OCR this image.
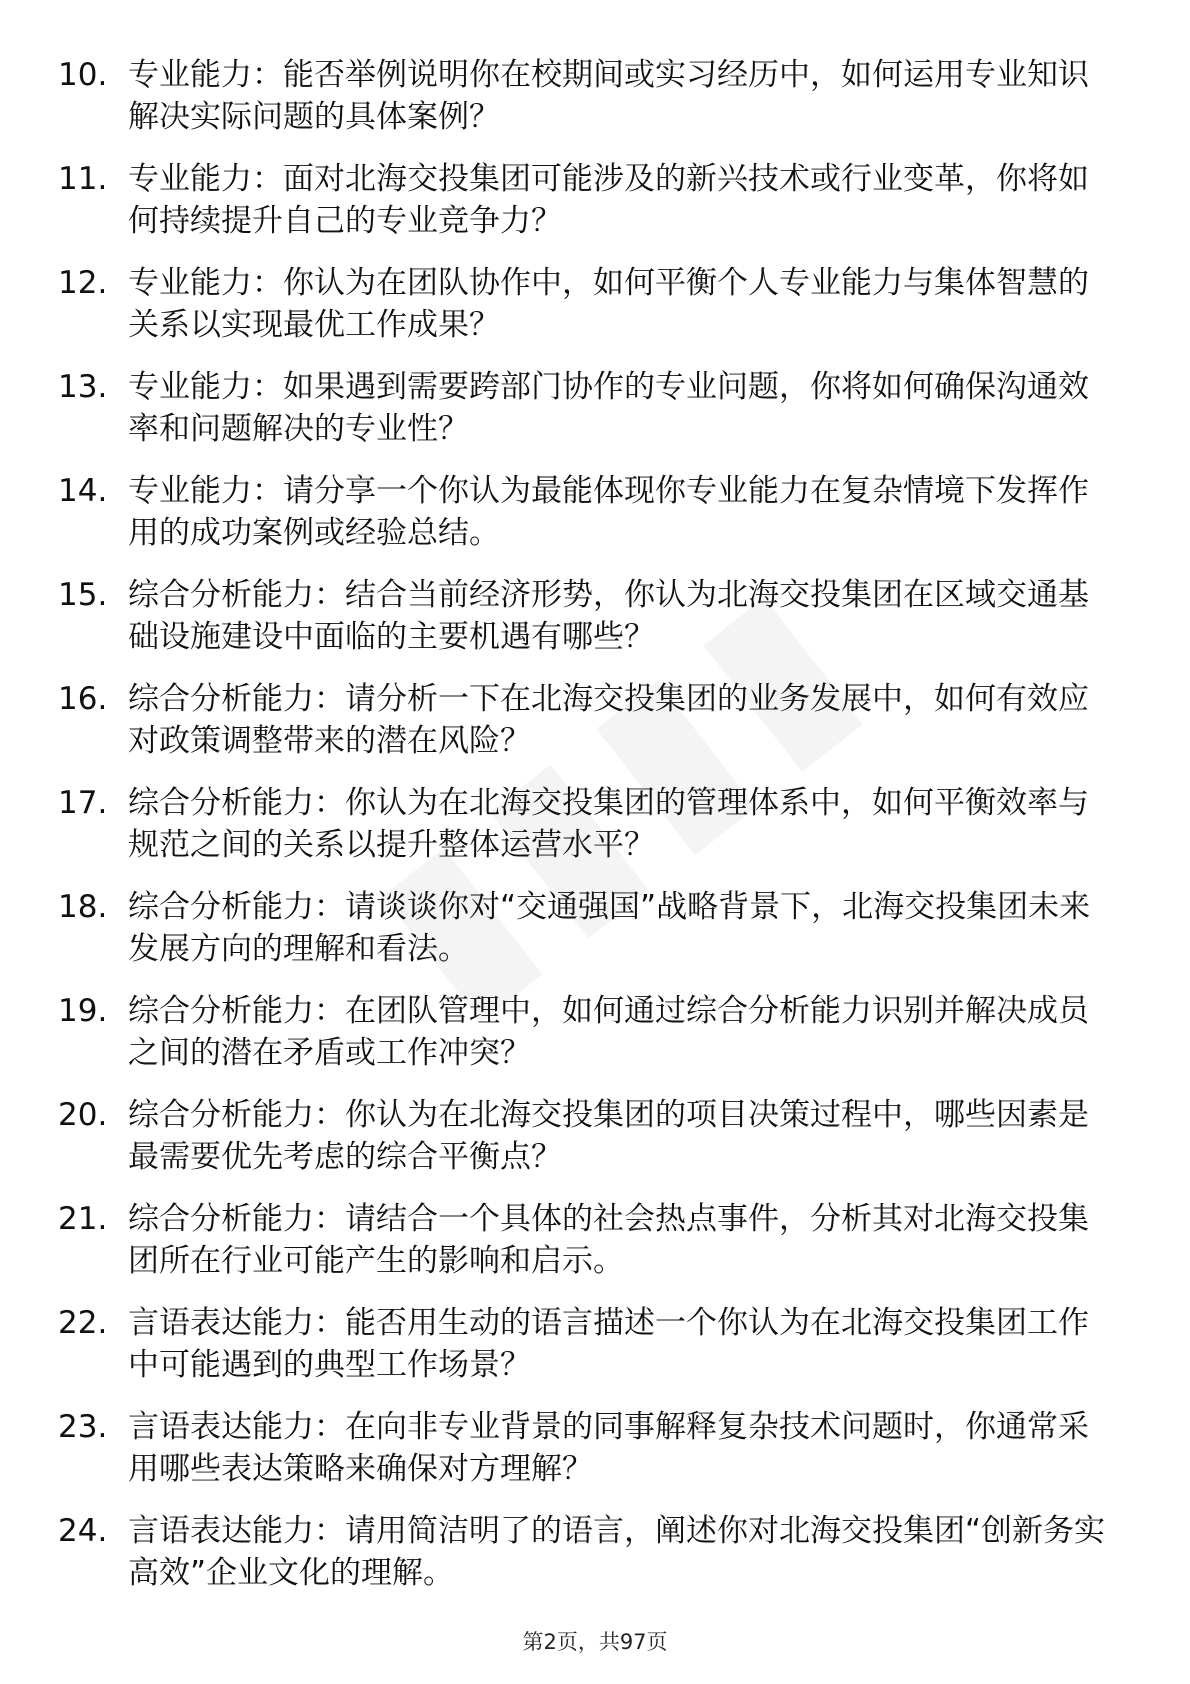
10. 专业能力：能否举例说明你在校期间或实习经历中，如何运用专业知识解决实际问题的具体案例？
11. 专业能力：面对北海交投集团可能涉及的新兴技术或行业变革，你将如何持续提升自己的专业竞争力？
12. 专业能力：你认为在团队协作中，如何平衡个人专业能力与集体智慧的关系以实现最优工作成果？
13. 专业能力：如果遇到需要跨部门协作的专业问题，你将如何确保沟通效率和问题解决的专业性？
14. 专业能力：请分享一个你认为最能体现你专业能力在复杂情境下发挥作用的成功案例或经验总结。
15. 综合分析能力：结合当前经济形势，你认为北海交投集团在区域交通基础设施建设中面临的主要机遇有哪些？
16. 综合分析能力：请分析一下在北海交投集团的业务发展中，如何有效应对政策调整带来的潜在风险？
17. 综合分析能力：你认为在北海交投集团的管理体系中，如何平衡效率与规范之间的关系以提升整体运营水平？
18. 综合分析能力：请谈谈你对“交通强国”战略背景下，北海交投集团未来发展方向的理解和看法。
19. 综合分析能力：在团队管理中，如何通过综合分析能力识别并解决成员之间的潜在矛盾或工作冲突？
20. 综合分析能力：你认为在北海交投集团的项目决策过程中，哪些因素是最需要优先考虑的综合平衡点？
21. 综合分析能力：请结合一个具体的社会热点事件，分析其对北海交投集团所在行业可能产生的影响和启示。
22. 言语表达能力：能否用生动的语言描述一个你认为在北海交投集团工作中可能遇到的典型工作场景？
23. 言语表达能力：在向非专业背景的同事解释复杂技术问题时，你通常采用哪些表达策略来确保对方理解？
24. 言语表达能力：请用简洁明了的语言，阐述你对北海交投集团“创新务实高效”企业文化的理解。
第2页，共97页
